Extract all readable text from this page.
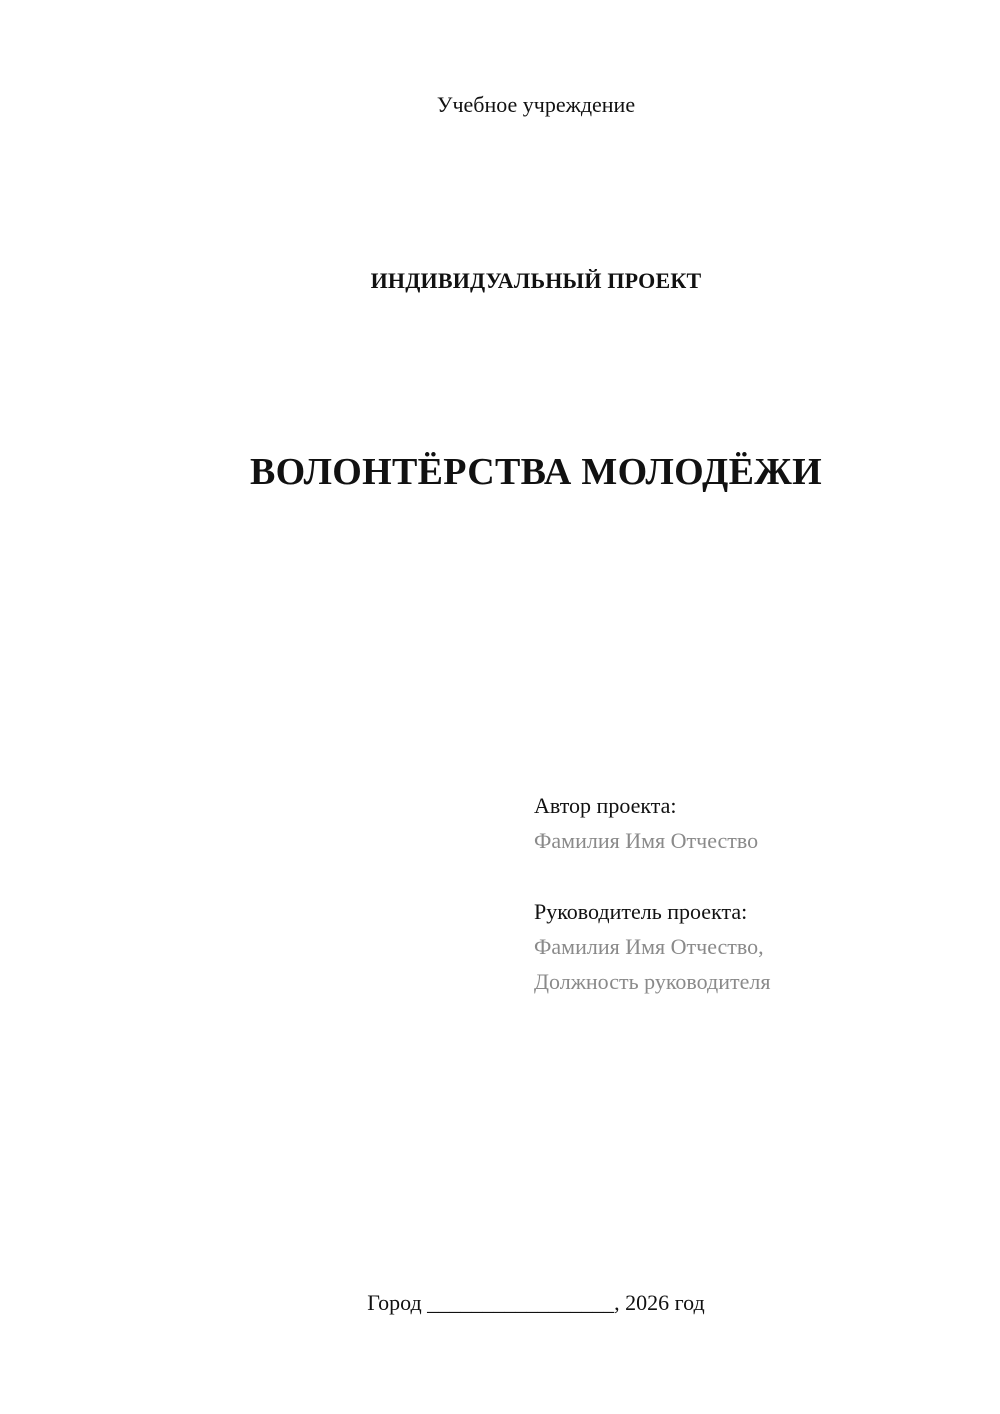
Учебное учреждение
ИНДИВИДУАЛЬНЫЙ ПРОЕКТ
ВОЛОНТЁРСТВА МОЛОДЁЖИ
Автор проекта:
Фамилия Имя Отчество
Руководитель проекта:
Фамилия Имя Отчество,
Должность руководителя
Город _________________, 2026 год
